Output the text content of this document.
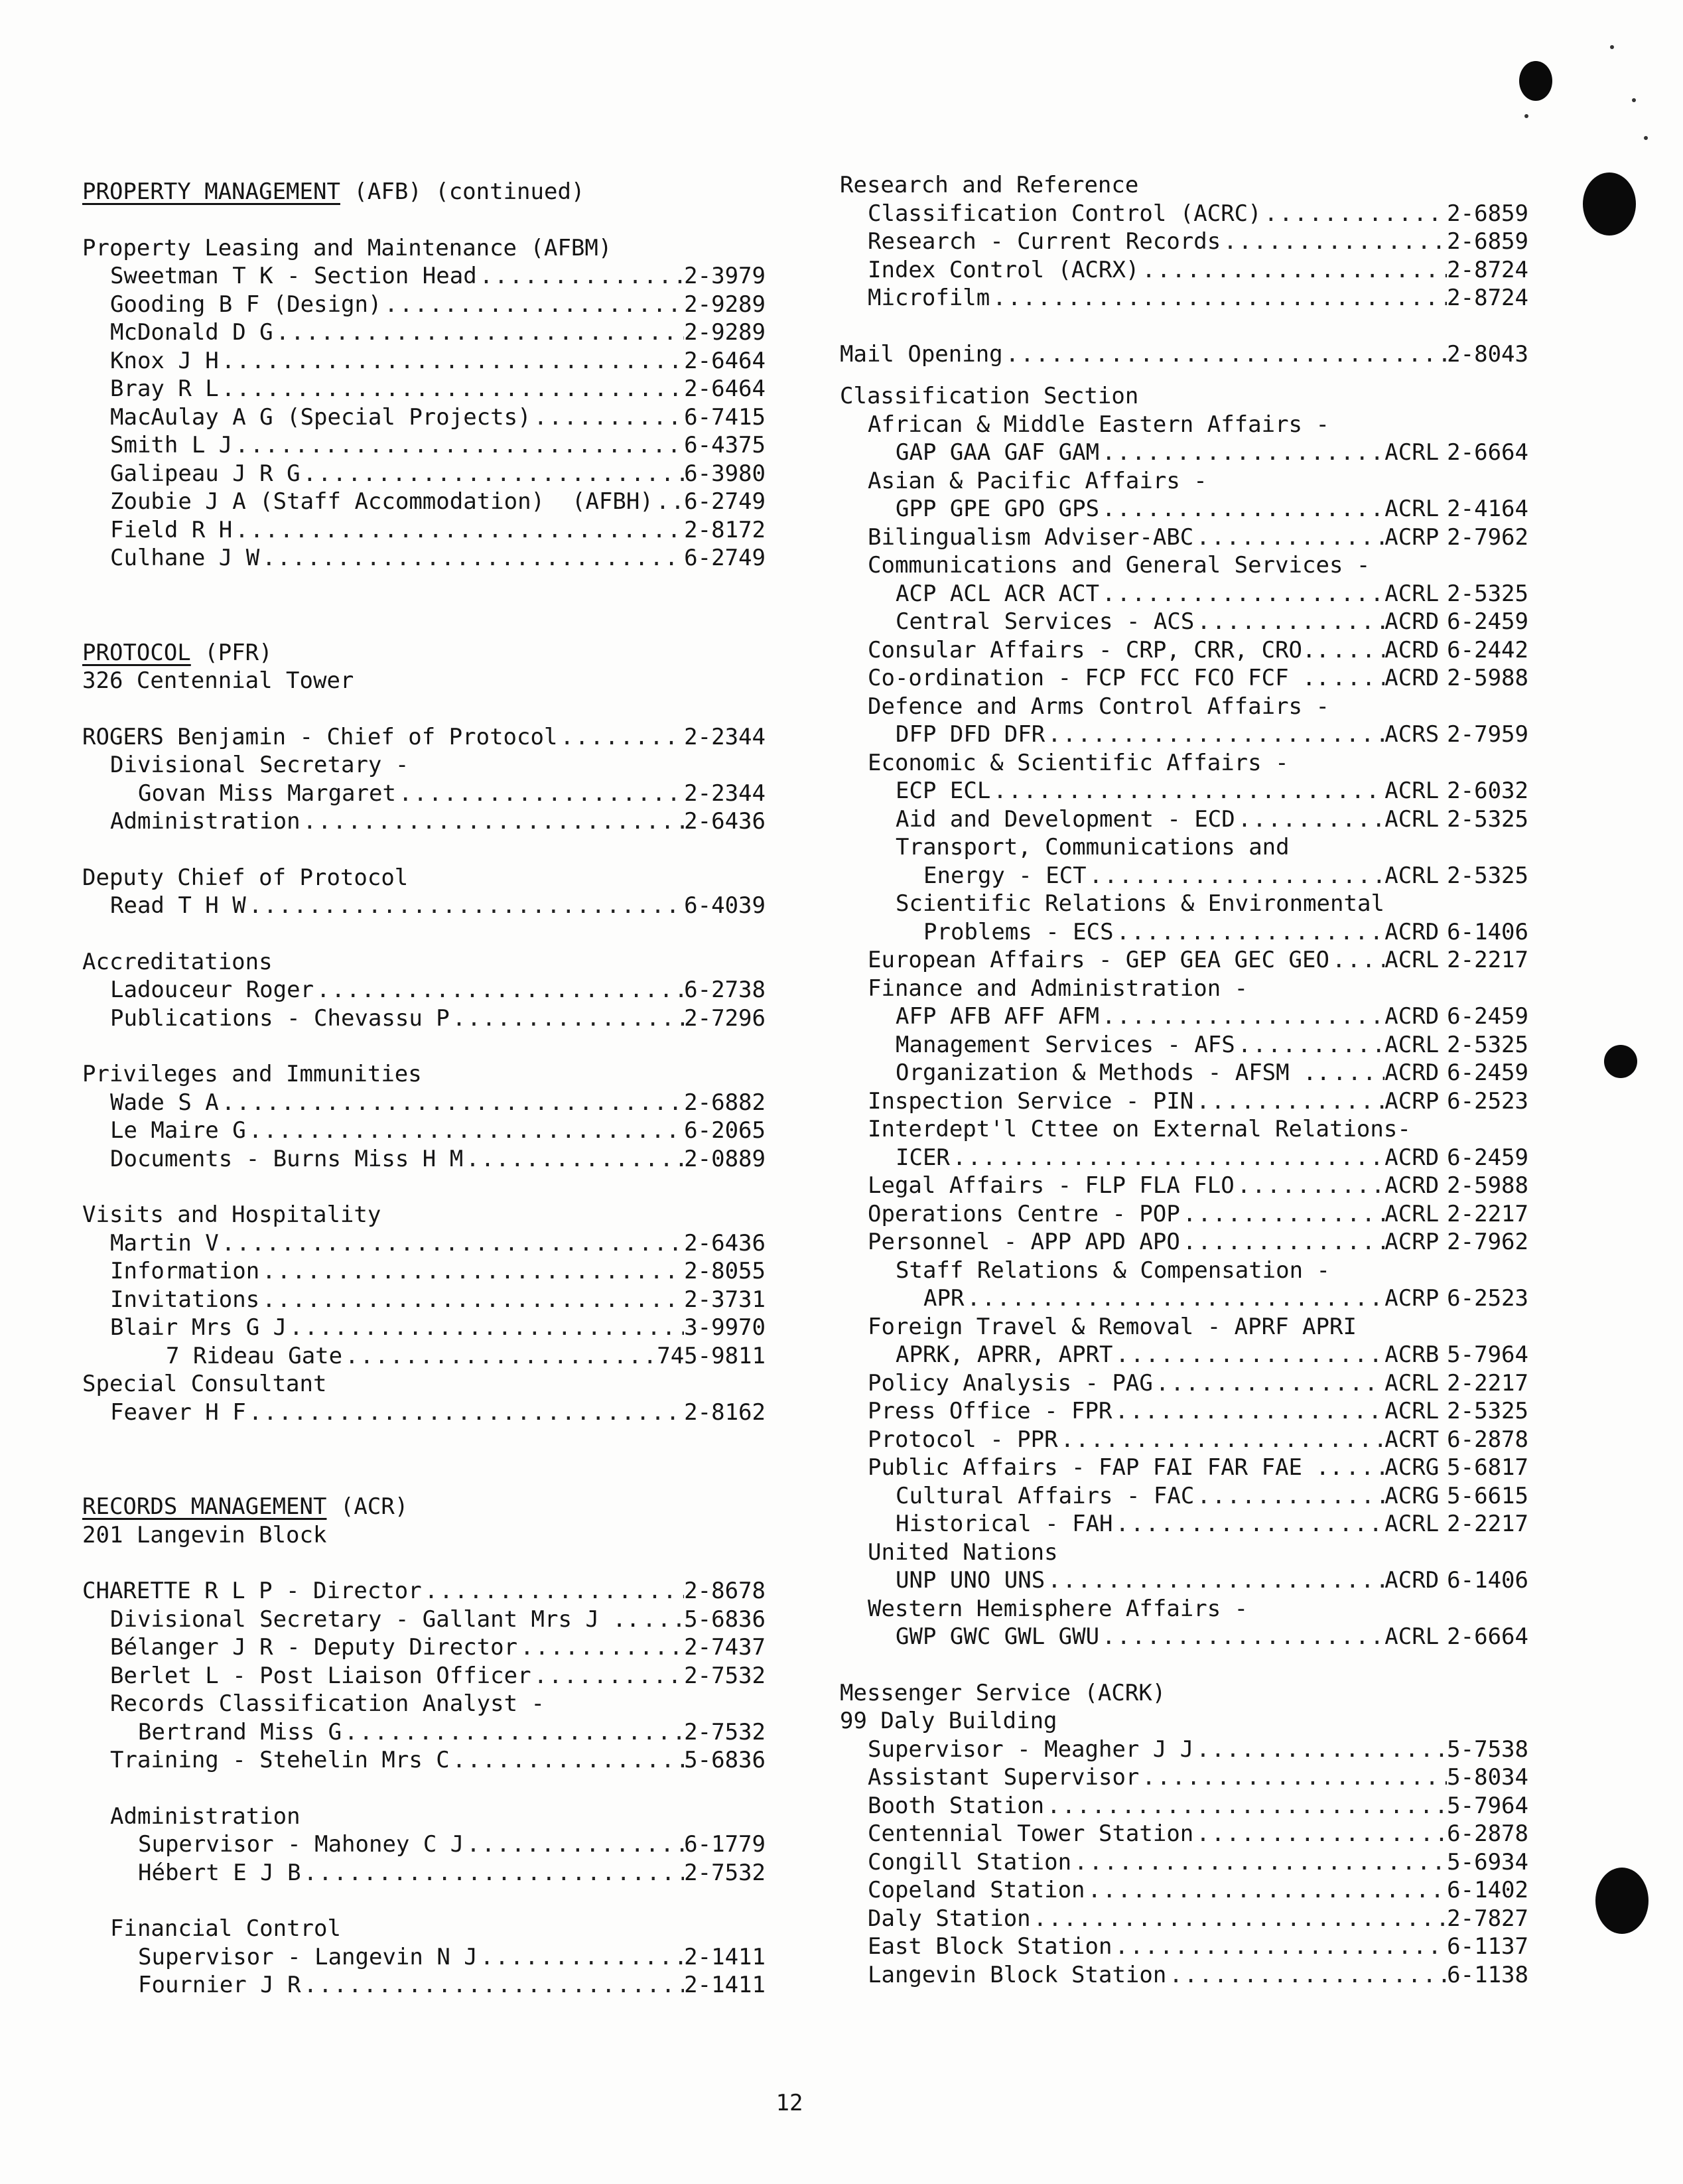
PROPERTY MANAGEMENT (AFB) (continued)
Property Leasing and Maintenance (AFBM)
Sweetman T K - Section Head .....	2-3979
Gooding B F (Design) .....	2-9289
McDonald D G .....	2-9289
Knox J H .....	2-6464
Bray R L .....	2-6464
MacAulay A G (Special Projects) .....	6-7415
Smith L J .....	6-4375
Galipeau J R G .....	6-3980
Zoubie J A (Staff Accommodation)  (AFBH) ..... 6-2749
Field R H .....	2-8172
Culhane J W .....	6-2749
PROTOCOL (PFR)
326 Centennial Tower
ROGERS Benjamin - Chief of Protocol .....	2-2344
Divisional Secretary -
Govan Miss Margaret .....	2-2344
Administration .....	2-6436
Deputy Chief of Protocol
Read T H W .....	6-4039
Accreditations
Ladouceur Roger .....	6-2738
Publications - Chevassu P .....	2-7296
Privileges and Immunities
Wade S A .....	2-6882
Le Maire G .....	6-2065
Documents - Burns Miss H M .....	2-0889
Visits and Hospitality
Martin V .....	2-6436
Information .....	2-8055
Invitations .....	2-3731
Blair Mrs G J .....	3-9970
7 Rideau Gate .....	745-9811
Special Consultant
Feaver H F .....	2-8162
RECORDS MANAGEMENT (ACR)
201 Langevin Block
CHARETTE R L P - Director .....	2-8678
Divisional Secretary - Gallant Mrs J .. ..... 5-6836
Bélanger J R - Deputy Director .....	2-7437
Berlet L - Post Liaison Officer .....	2-7532
Records Classification Analyst -
Bertrand Miss G .....	2-7532
Training - Stehelin Mrs C .....	5-6836
Administration
Supervisor - Mahoney C J .....	6-1779
Hébert E J B .....	2-7532
Financial Control
Supervisor - Langevin N J .....	2-1411
Fournier J R .....	2-1411
Research and Reference
Classification Control (ACRC) .....	2-6859
Research - Current Records .....	2-6859
Index Control (ACRX) .....	2-8724
Microfilm .....	2-8724
Mail Opening .....	2-8043
Classification Section
African & Middle Eastern Affairs -
GAP GAA GAF GAM .....	ACRL 2-6664
Asian & Pacific Affairs -
GPP GPE GPO GPS .....	ACRL 2-4164
Bilingualism Adviser-ABC .....	ACRP 2-7962
Communications and General Services -
ACP ACL ACR ACT .....	ACRL 2-5325
Central Services - ACS .....	ACRD 6-2459
Consular Affairs - CRP, CRR, CRO.. ..... ACRD 6-2442
Co-ordination - FCP FCC FCO FCF .. ..... ACRD 2-5988
Defence and Arms Control Affairs -
DFP DFD DFR .....	ACRS 2-7959
Economic & Scientific Affairs -
ECP ECL .....	ACRL 2-6032
Aid and Development - ECD .....	ACRL 2-5325
Transport, Communications and
Energy - ECT .....	ACRL 2-5325
Scientific Relations & Environmental
Problems - ECS .....	ACRD 6-1406
European Affairs - GEP GEA GEC GEO ..... ACRL 2-2217
Finance and Administration -
AFP AFB AFF AFM .....	ACRD 6-2459
Management Services - AFS .....	ACRL 2-5325
Organization & Methods - AFSM .. ..... ACRD 6-2459
Inspection Service - PIN .....	ACRP 6-2523
Interdept'l Cttee on External Relations-
ICER .....	ACRD 6-2459
Legal Affairs - FLP FLA FLO .....	ACRD 2-5988
Operations Centre - POP .....	ACRL 2-2217
Personnel - APP APD APO .....	ACRP 2-7962
Staff Relations & Compensation -
APR .....	ACRP 6-2523
Foreign Travel & Removal - APRF APRI
APRK, APRR, APRT .....	ACRB 5-7964
Policy Analysis - PAG .....	ACRL 2-2217
Press Office - FPR .....	ACRL 2-5325
Protocol - PPR .....	ACRT 6-2878
Public Affairs - FAP FAI FAR FAE .. ..... ACRG 5-6817
Cultural Affairs - FAC .....	ACRG 5-6615
Historical - FAH .....	ACRL 2-2217
United Nations
UNP UNO UNS .....	ACRD 6-1406
Western Hemisphere Affairs -
GWP GWC GWL GWU .....	ACRL 2-6664
Messenger Service (ACRK)
99 Daly Building
Supervisor - Meagher J J .....	5-7538
Assistant Supervisor .....	5-8034
Booth Station .....	5-7964
Centennial Tower Station .....	6-2878
Congill Station .....	5-6934
Copeland Station .....	6-1402
Daly Station .....	2-7827
East Block Station .....	6-1137
Langevin Block Station .....	6-1138
12
